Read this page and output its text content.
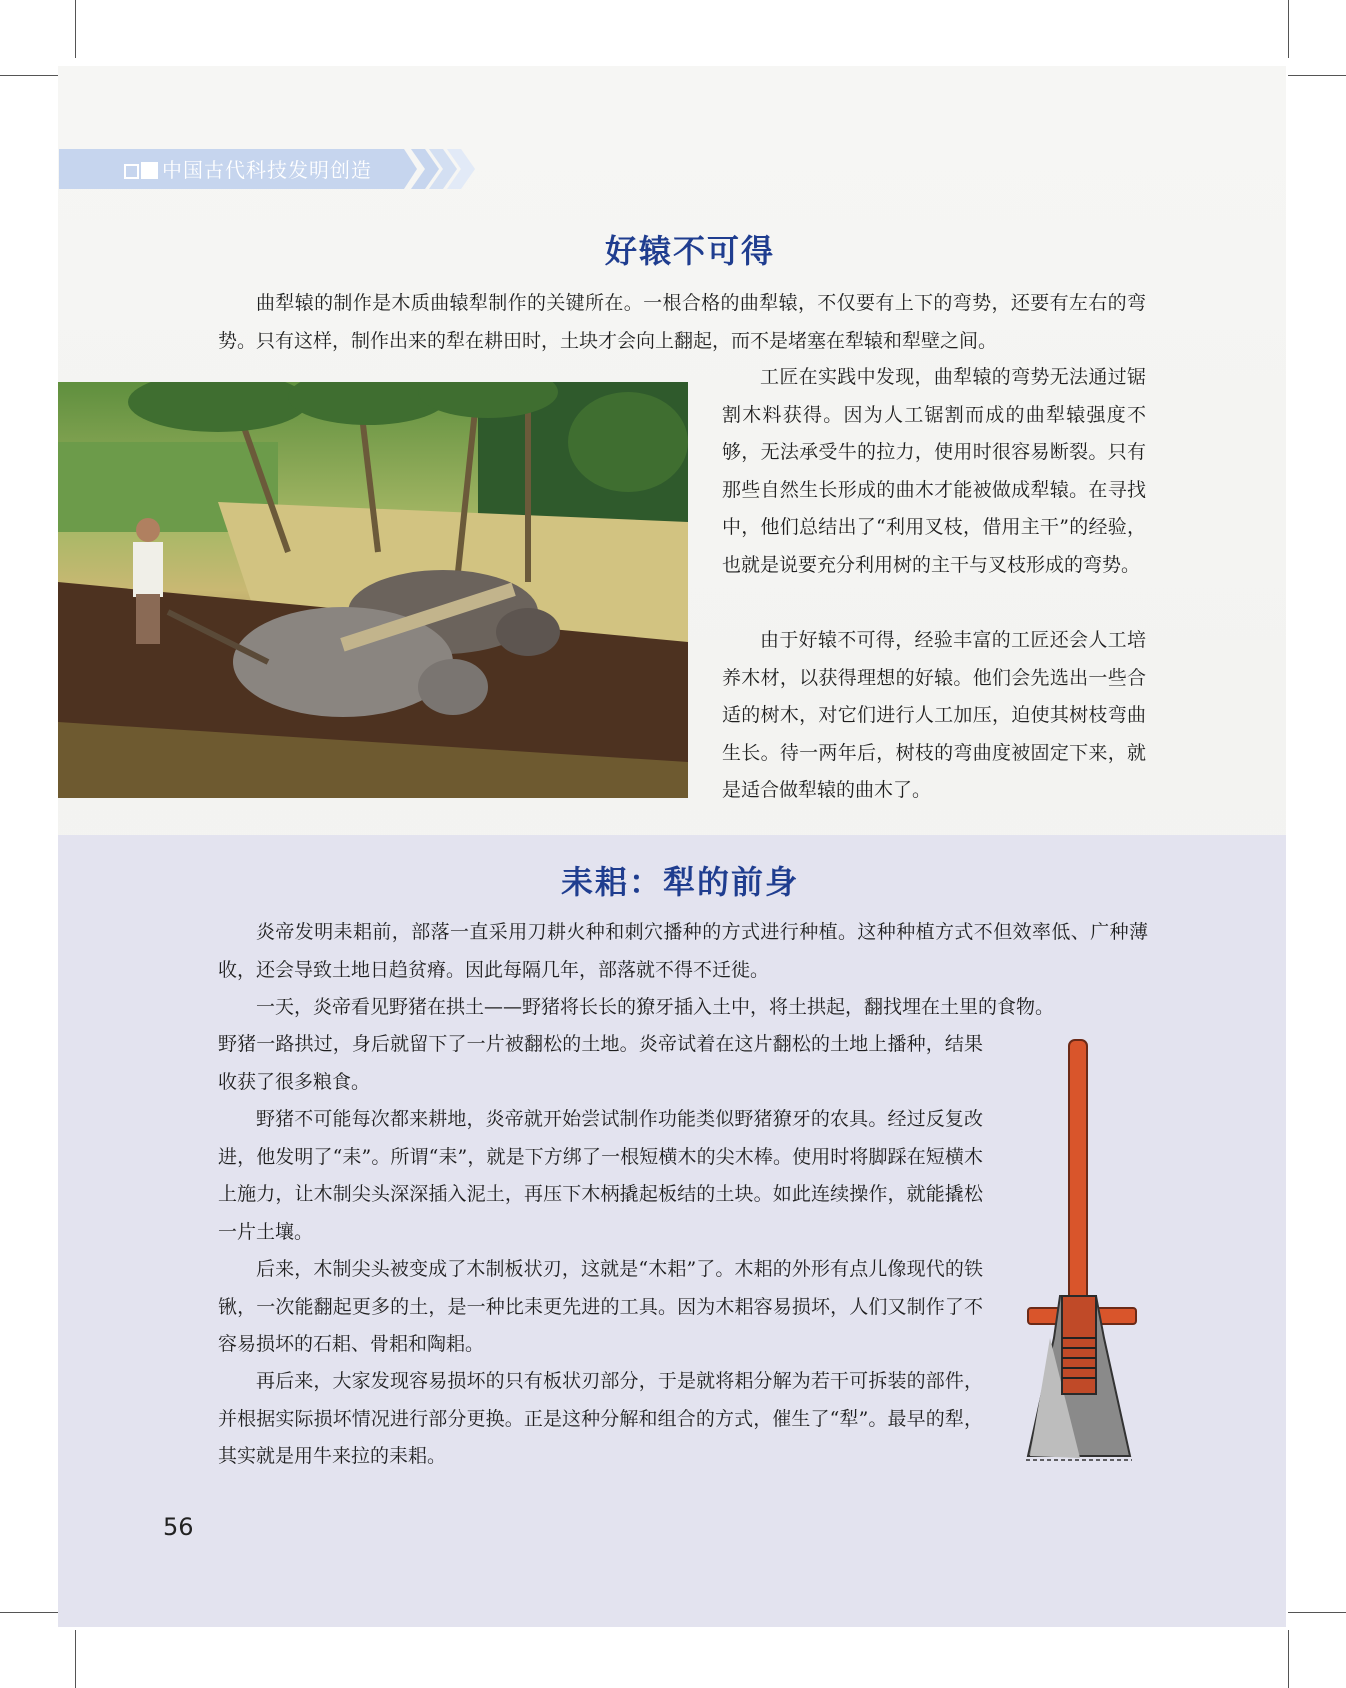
中国古代科技发明创造
好辕不可得

曲犁辕的制作是木质曲辕犁制作的关键所在。一根合格的曲犁辕，不仅要有上下的弯势，还要有左右的弯势。只有这样，制作出来的犁在耕田时，土块才会向上翻起，而不是堵塞在犁辕和犁壁之间。

工匠在实践中发现，曲犁辕的弯势无法通过锯割木料获得。因为人工锯割而成的曲犁辕强度不够，无法承受牛的拉力，使用时很容易断裂。只有那些自然生长形成的曲木才能被做成犁辕。在寻找中，他们总结出了“利用叉枝，借用主干”的经验，也就是说要充分利用树的主干与叉枝形成的弯势。

由于好辕不可得，经验丰富的工匠还会人工培养木材，以获得理想的好辕。他们会先选出一些合适的树木，对它们进行人工加压，迫使其树枝弯曲生长。待一两年后，树枝的弯曲度被固定下来，就是适合做犁辕的曲木了。

耒耜：犁的前身

炎帝发明耒耜前，部落一直采用刀耕火种和刺穴播种的方式进行种植。这种种植方式不但效率低、广种薄收，还会导致土地日趋贫瘠。因此每隔几年，部落就不得不迁徙。

一天，炎帝看见野猪在拱土——野猪将长长的獠牙插入土中，将土拱起，翻找埋在土里的食物。

野猪一路拱过，身后就留下了一片被翻松的土地。炎帝试着在这片翻松的土地上播种，结果收获了很多粮食。

野猪不可能每次都来耕地，炎帝就开始尝试制作功能类似野猪獠牙的农具。经过反复改进，他发明了“耒”。所谓“耒”，就是下方绑了一根短横木的尖木棒。使用时将脚踩在短横木上施力，让木制尖头深深插入泥土，再压下木柄撬起板结的土块。如此连续操作，就能撬松一片土壤。

后来，木制尖头被变成了木制板状刃，这就是“木耜”了。木耜的外形有点儿像现代的铁锹，一次能翻起更多的土，是一种比耒更先进的工具。因为木耜容易损坏，人们又制作了不容易损坏的石耜、骨耜和陶耜。

再后来，大家发现容易损坏的只有板状刃部分，于是就将耜分解为若干可拆装的部件，并根据实际损坏情况进行部分更换。正是这种分解和组合的方式，催生了“犁”。最早的犁，其实就是用牛来拉的耒耜。

56
